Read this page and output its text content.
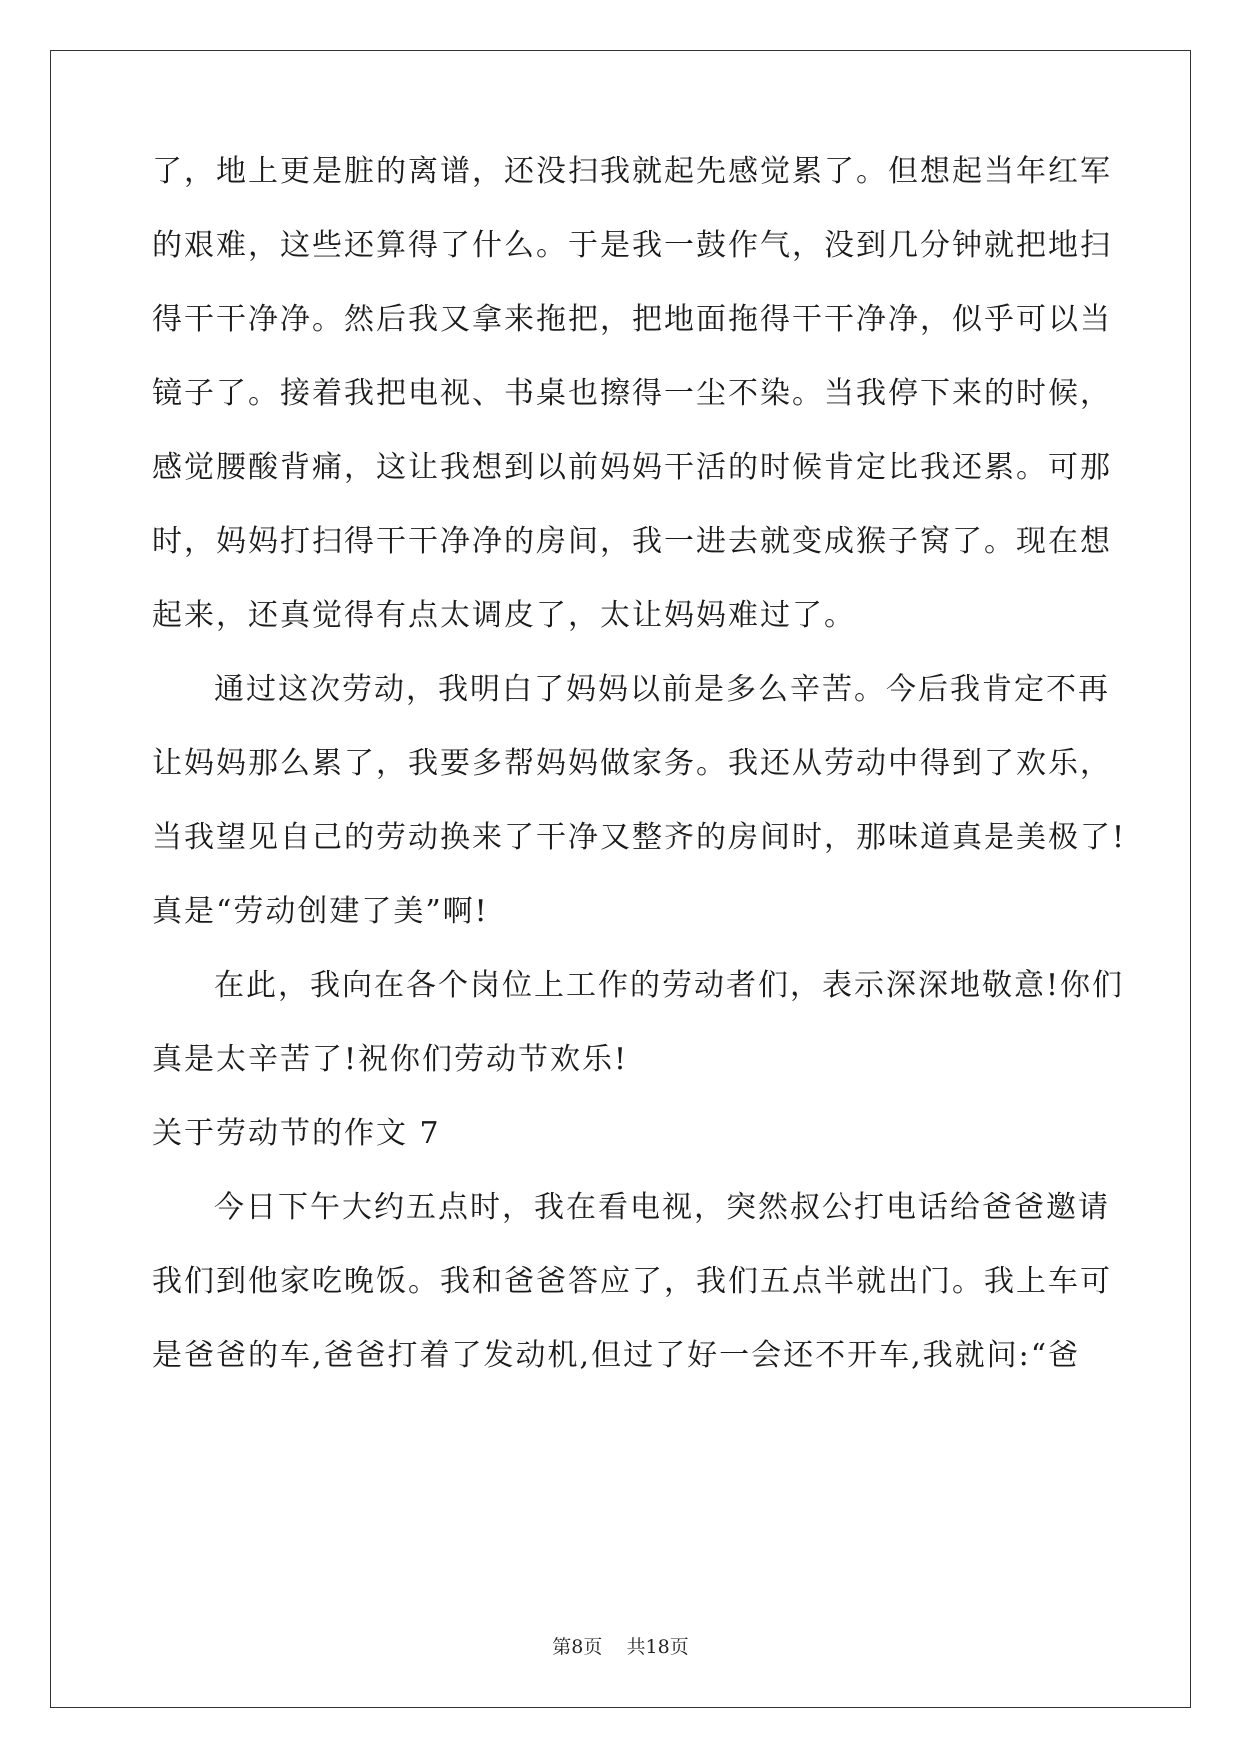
了，地上更是脏的离谱，还没扫我就起先感觉累了。但想起当年红军
的艰难，这些还算得了什么。于是我一鼓作气，没到几分钟就把地扫
得干干净净。然后我又拿来拖把，把地面拖得干干净净，似乎可以当
镜子了。接着我把电视、书桌也擦得一尘不染。当我停下来的时候，
感觉腰酸背痛，这让我想到以前妈妈干活的时候肯定比我还累。可那
时，妈妈打扫得干干净净的房间，我一进去就变成猴子窝了。现在想
起来，还真觉得有点太调皮了，太让妈妈难过了。
通过这次劳动，我明白了妈妈以前是多么辛苦。今后我肯定不再
让妈妈那么累了，我要多帮妈妈做家务。我还从劳动中得到了欢乐，
当我望见自己的劳动换来了干净又整齐的房间时，那味道真是美极了!
真是“劳动创建了美”啊!
在此，我向在各个岗位上工作的劳动者们，表示深深地敬意!你们
真是太辛苦了!祝你们劳动节欢乐!
关于劳动节的作文 7
今日下午大约五点时，我在看电视，突然叔公打电话给爸爸邀请
我们到他家吃晚饭。我和爸爸答应了，我们五点半就出门。我上车可
是爸爸的车,爸爸打着了发动机,但过了好一会还不开车,我就问:“爸
第8页    共18页
